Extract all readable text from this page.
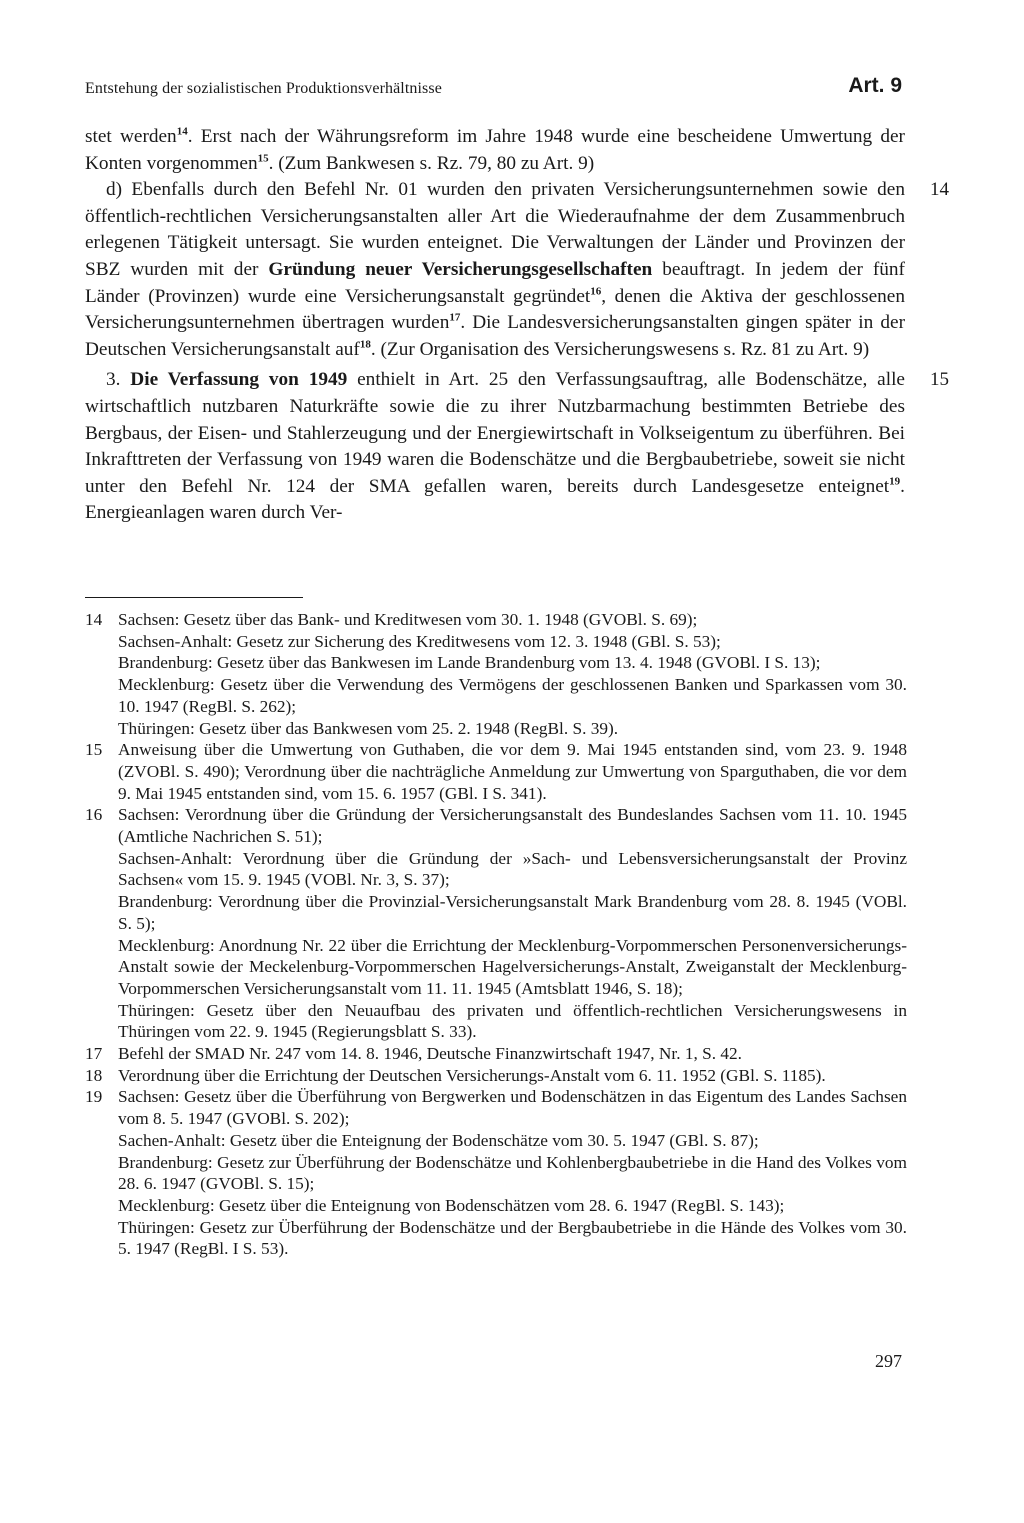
Entstehung der sozialistischen Produktionsverhältnisse	Art. 9

stet werden$^{14}$. Erst nach der Währungsreform im Jahre 1948 wurde eine bescheidene Umwertung der Konten vorgenommen$^{15}$. (Zum Bankwesen s. Rz. 79, 80 zu Art. 9)

14
d) Ebenfalls durch den Befehl Nr. 01 wurden den privaten Versicherungsunternehmen sowie den öffentlich-rechtlichen Versicherungsanstalten aller Art die Wiederaufnahme der dem Zusammenbruch erlegenen Tätigkeit untersagt. Sie wurden enteignet. Die Verwaltungen der Länder und Provinzen der SBZ wurden mit der Gründung neuer Versicherungsgesellschaften beauftragt. In jedem der fünf Länder (Provinzen) wurde eine Versicherungsanstalt gegründet$^{16}$, denen die Aktiva der geschlossenen Versicherungsunternehmen übertragen wurden$^{17}$. Die Landesversicherungsanstalten gingen später in der Deutschen Versicherungsanstalt auf$^{18}$. (Zur Organisation des Versicherungswesens s. Rz. 81 zu Art. 9)

15
3. Die Verfassung von 1949 enthielt in Art. 25 den Verfassungsauftrag, alle Bodenschätze, alle wirtschaftlich nutzbaren Naturkräfte sowie die zu ihrer Nutzbarmachung bestimmten Betriebe des Bergbaus, der Eisen- und Stahlerzeugung und der Energiewirtschaft in Volkseigentum zu überführen. Bei Inkrafttreten der Verfassung von 1949 waren die Bodenschätze und die Bergbaubetriebe, soweit sie nicht unter den Befehl Nr. 124 der SMA gefallen waren, bereits durch Landesgesetze enteignet$^{19}$. Energieanlagen waren durch Ver-

14 Sachsen: Gesetz über das Bank- und Kreditwesen vom 30. 1. 1948 (GVOBl. S. 69);
Sachsen-Anhalt: Gesetz zur Sicherung des Kreditwesens vom 12. 3. 1948 (GBl. S. 53);
Brandenburg: Gesetz über das Bankwesen im Lande Brandenburg vom 13. 4. 1948 (GVOBl. I S. 13);
Mecklenburg: Gesetz über die Verwendung des Vermögens der geschlossenen Banken und Sparkassen vom 30. 10. 1947 (RegBl. S. 262);
Thüringen: Gesetz über das Bankwesen vom 25. 2. 1948 (RegBl. S. 39).
15 Anweisung über die Umwertung von Guthaben, die vor dem 9. Mai 1945 entstanden sind, vom 23. 9. 1948 (ZVOBl. S. 490); Verordnung über die nachträgliche Anmeldung zur Umwertung von Sparguthaben, die vor dem 9. Mai 1945 entstanden sind, vom 15. 6. 1957 (GBl. I S. 341).
16 Sachsen: Verordnung über die Gründung der Versicherungsanstalt des Bundeslandes Sachsen vom 11. 10. 1945 (Amtliche Nachrichen S. 51);
Sachsen-Anhalt: Verordnung über die Gründung der »Sach- und Lebensversicherungsanstalt der Provinz Sachsen« vom 15. 9. 1945 (VOBl. Nr. 3, S. 37);
Brandenburg: Verordnung über die Provinzial-Versicherungsanstalt Mark Brandenburg vom 28. 8. 1945 (VOBl. S. 5);
Mecklenburg: Anordnung Nr. 22 über die Errichtung der Mecklenburg-Vorpommerschen Personenversicherungs-Anstalt sowie der Meckelenburg-Vorpommerschen Hagelversicherungs-Anstalt, Zweiganstalt der Mecklenburg-Vorpommerschen Versicherungsanstalt vom 11. 11. 1945 (Amtsblatt 1946, S. 18);
Thüringen: Gesetz über den Neuaufbau des privaten und öffentlich-rechtlichen Versicherungswesens in Thüringen vom 22. 9. 1945 (Regierungsblatt S. 33).
17 Befehl der SMAD Nr. 247 vom 14. 8. 1946, Deutsche Finanzwirtschaft 1947, Nr. 1, S. 42.
18 Verordnung über die Errichtung der Deutschen Versicherungs-Anstalt vom 6. 11. 1952 (GBl. S. 1185).
19 Sachsen: Gesetz über die Überführung von Bergwerken und Bodenschätzen in das Eigentum des Landes Sachsen vom 8. 5. 1947 (GVOBl. S. 202);
Sachen-Anhalt: Gesetz über die Enteignung der Bodenschätze vom 30. 5. 1947 (GBl. S. 87);
Brandenburg: Gesetz zur Überführung der Bodenschätze und Kohlenbergbaubetriebe in die Hand des Volkes vom 28. 6. 1947 (GVOBl. S. 15);
Mecklenburg: Gesetz über die Enteignung von Bodenschätzen vom 28. 6. 1947 (RegBl. S. 143);
Thüringen: Gesetz zur Überführung der Bodenschätze und der Bergbaubetriebe in die Hände des Volkes vom 30. 5. 1947 (RegBl. I S. 53).
297
